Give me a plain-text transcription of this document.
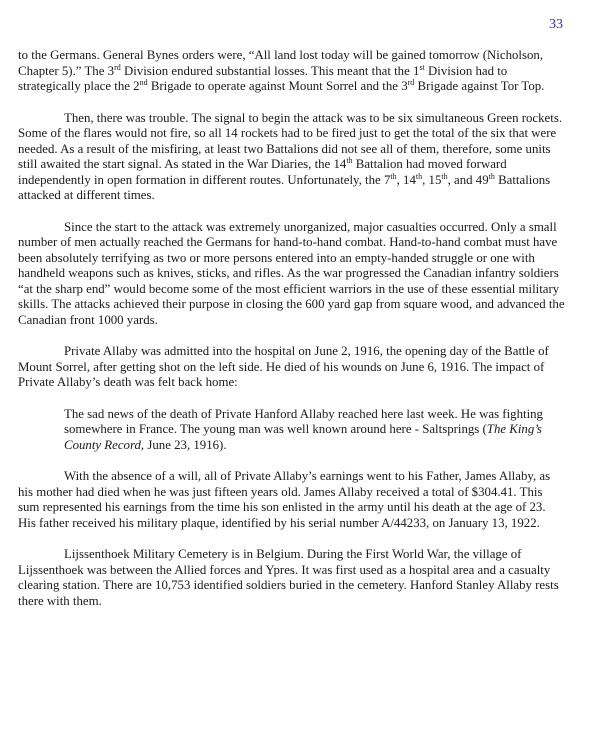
33

to the Germans. General Bynes orders were, “All land lost today will be gained tomorrow (Nicholson, Chapter 5).” The 3rd Division endured substantial losses. This meant that the 1st Division had to strategically place the 2nd Brigade to operate against Mount Sorrel and the 3rd Brigade against Tor Top.

Then, there was trouble. The signal to begin the attack was to be six simultaneous Green rockets. Some of the flares would not fire, so all 14 rockets had to be fired just to get the total of the six that were needed. As a result of the misfiring, at least two Battalions did not see all of them, therefore, some units still awaited the start signal. As stated in the War Diaries, the 14th Battalion had moved forward independently in open formation in different routes. Unfortunately, the 7th, 14th, 15th, and 49th Battalions attacked at different times.

Since the start to the attack was extremely unorganized, major casualties occurred. Only a small number of men actually reached the Germans for hand-to-hand combat. Hand-to-hand combat must have been absolutely terrifying as two or more persons entered into an empty-handed struggle or one with handheld weapons such as knives, sticks, and rifles. As the war progressed the Canadian infantry soldiers “at the sharp end” would become some of the most efficient warriors in the use of these essential military skills. The attacks achieved their purpose in closing the 600 yard gap from square wood, and advanced the Canadian front 1000 yards.

Private Allaby was admitted into the hospital on June 2, 1916, the opening day of the Battle of Mount Sorrel, after getting shot on the left side. He died of his wounds on June 6, 1916. The impact of Private Allaby’s death was felt back home:

The sad news of the death of Private Hanford Allaby reached here last week. He was fighting somewhere in France. The young man was well known around here - Saltsprings (The King’s County Record, June 23, 1916).

With the absence of a will, all of Private Allaby’s earnings went to his Father, James Allaby, as his mother had died when he was just fifteen years old. James Allaby received a total of $304.41. This sum represented his earnings from the time his son enlisted in the army until his death at the age of 23. His father received his military plaque, identified by his serial number A/44233, on January 13, 1922.

Lijssenthoek Military Cemetery is in Belgium. During the First World War, the village of Lijssenthoek was between the Allied forces and Ypres. It was first used as a hospital area and a casualty clearing station. There are 10,753 identified soldiers buried in the cemetery. Hanford Stanley Allaby rests there with them.
